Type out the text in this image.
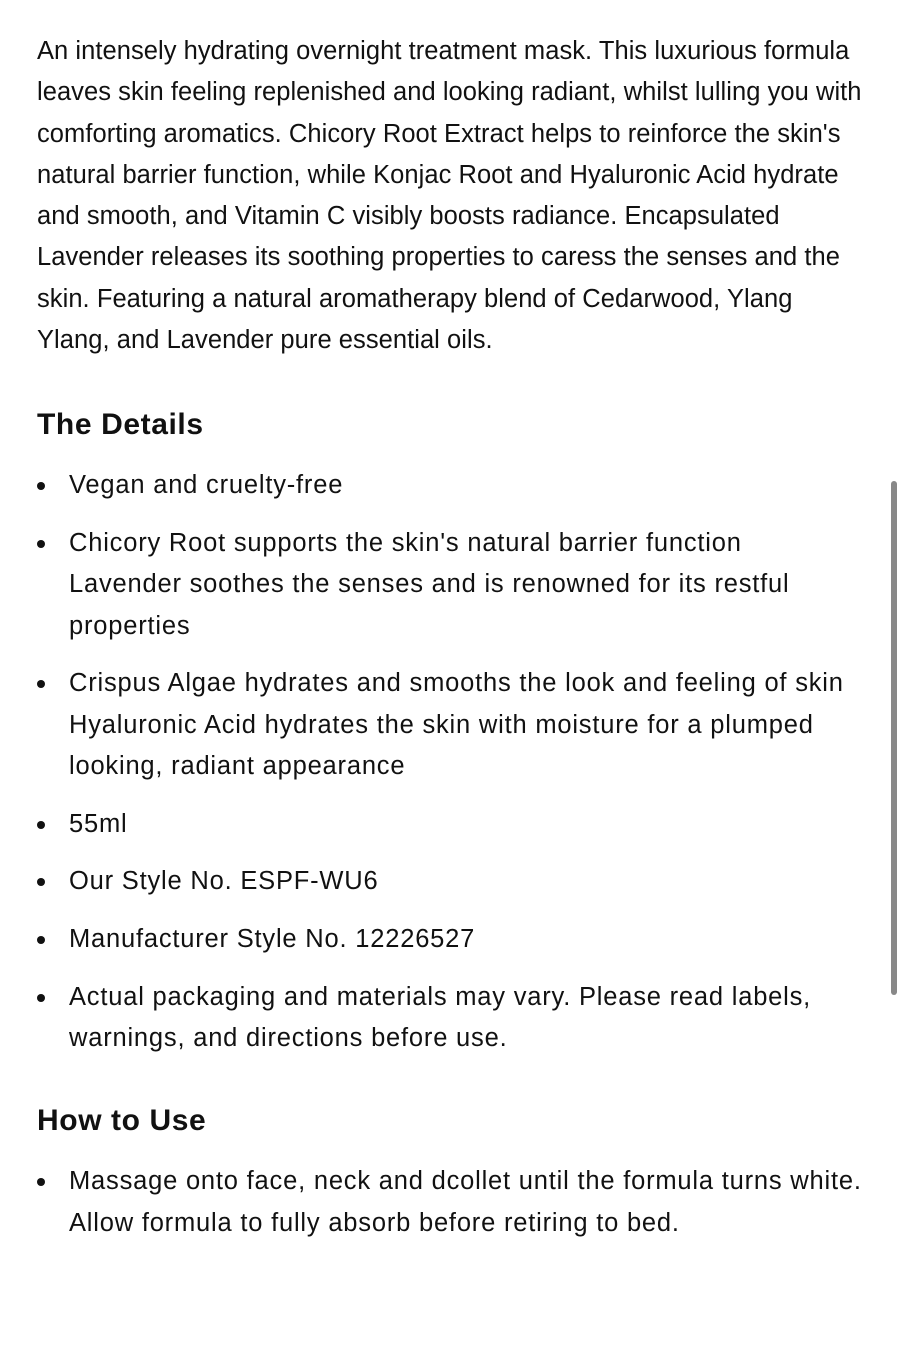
An intensely hydrating overnight treatment mask. This luxurious formula leaves skin feeling replenished and looking radiant, whilst lulling you with comforting aromatics. Chicory Root Extract helps to reinforce the skin's natural barrier function, while Konjac Root and Hyaluronic Acid hydrate and smooth, and Vitamin C visibly boosts radiance. Encapsulated Lavender releases its soothing properties to caress the senses and the skin. Featuring a natural aromatherapy blend of Cedarwood, Ylang Ylang, and Lavender pure essential oils.

The Details
Vegan and cruelty-free
Chicory Root supports the skin's natural barrier function
Lavender soothes the senses and is renowned for its restful properties
Crispus Algae hydrates and smooths the look and feeling of skin
Hyaluronic Acid hydrates the skin with moisture for a plumped looking, radiant appearance
55ml
Our Style No. ESPF-WU6
Manufacturer Style No. 12226527
Actual packaging and materials may vary. Please read labels, warnings, and directions before use.
How to Use
Massage onto face, neck and dcollet until the formula turns white. Allow formula to fully absorb before retiring to bed.
